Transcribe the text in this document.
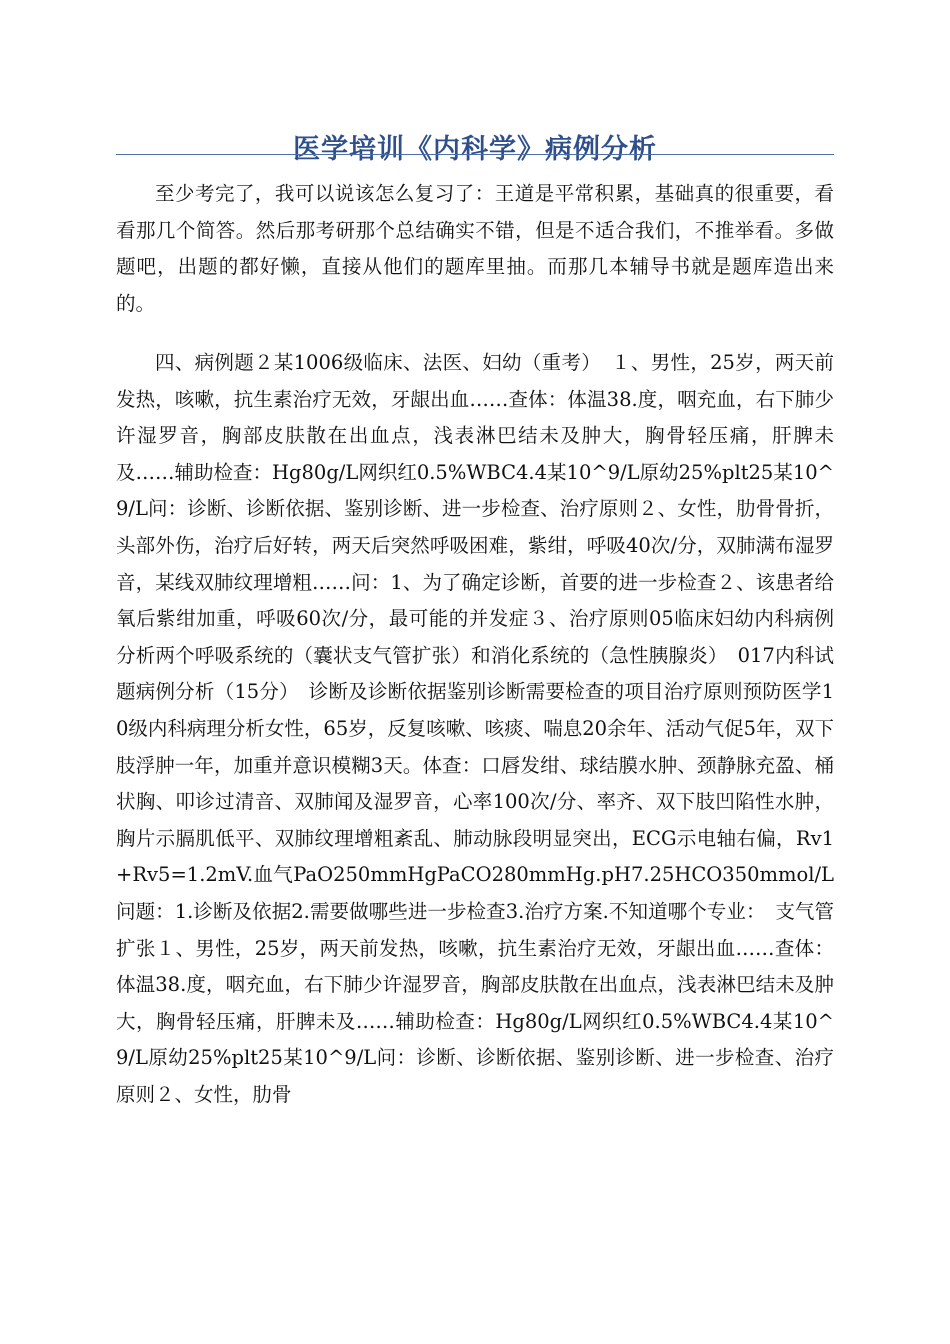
医学培训《内科学》病例分析

至少考完了，我可以说该怎么复习了：王道是平常积累，基础真的很重要，看看那几个简答。然后那考研那个总结确实不错，但是不适合我们，不推举看。多做题吧，出题的都好懒，直接从他们的题库里抽。而那几本辅导书就是题库造出来的。

四、病例题２某1006级临床、法医、妇幼（重考）　１、男性，25岁，两天前发热，咳嗽，抗生素治疗无效，牙龈出血……查体：体温38.度，咽充血，右下肺少许湿罗音，胸部皮肤散在出血点，浅表淋巴结未及肿大，胸骨轻压痛，肝脾未及……辅助检查：Hg80g/L网织红0.5%WBC4.4某10^9/L原幼25%plt25某10^9/L问：诊断、诊断依据、鉴别诊断、进一步检查、治疗原则２、女性，肋骨骨折，头部外伤，治疗后好转，两天后突然呼吸困难，紫绀，呼吸40次/分，双肺满布湿罗音，某线双肺纹理增粗……问：1、为了确定诊断，首要的进一步检查２、该患者给氧后紫绀加重，呼吸60次/分，最可能的并发症３、治疗原则05临床妇幼内科病例分析两个呼吸系统的（囊状支气管扩张）和消化系统的（急性胰腺炎）　017内科试题病例分析（15分）　诊断及诊断依据鉴别诊断需要检查的项目治疗原则预防医学10级内科病理分析女性，65岁，反复咳嗽、咳痰、喘息20余年、活动气促5年，双下肢浮肿一年，加重并意识模糊3天。体查：口唇发绀、球结膜水肿、颈静脉充盈、桶状胸、叩诊过清音、双肺闻及湿罗音，心率100次/分、率齐、双下肢凹陷性水肿，胸片示膈肌低平、双肺纹理增粗紊乱、肺动脉段明显突出，ECG示电轴右偏，Rv1+Rv5=1.2mV.血气PaO250mmHgPaCO280mmHg.pH7.25HCO350mmol/L问题：1.诊断及依据2.需要做哪些进一步检查3.治疗方案.不知道哪个专业：　支气管扩张１、男性，25岁，两天前发热，咳嗽，抗生素治疗无效，牙龈出血……查体：体温38.度，咽充血，右下肺少许湿罗音，胸部皮肤散在出血点，浅表淋巴结未及肿大，胸骨轻压痛，肝脾未及……辅助检查：Hg80g/L网织红0.5%WBC4.4某10^9/L原幼25%plt25某10^9/L问：诊断、诊断依据、鉴别诊断、进一步检查、治疗原则２、女性，肋骨
